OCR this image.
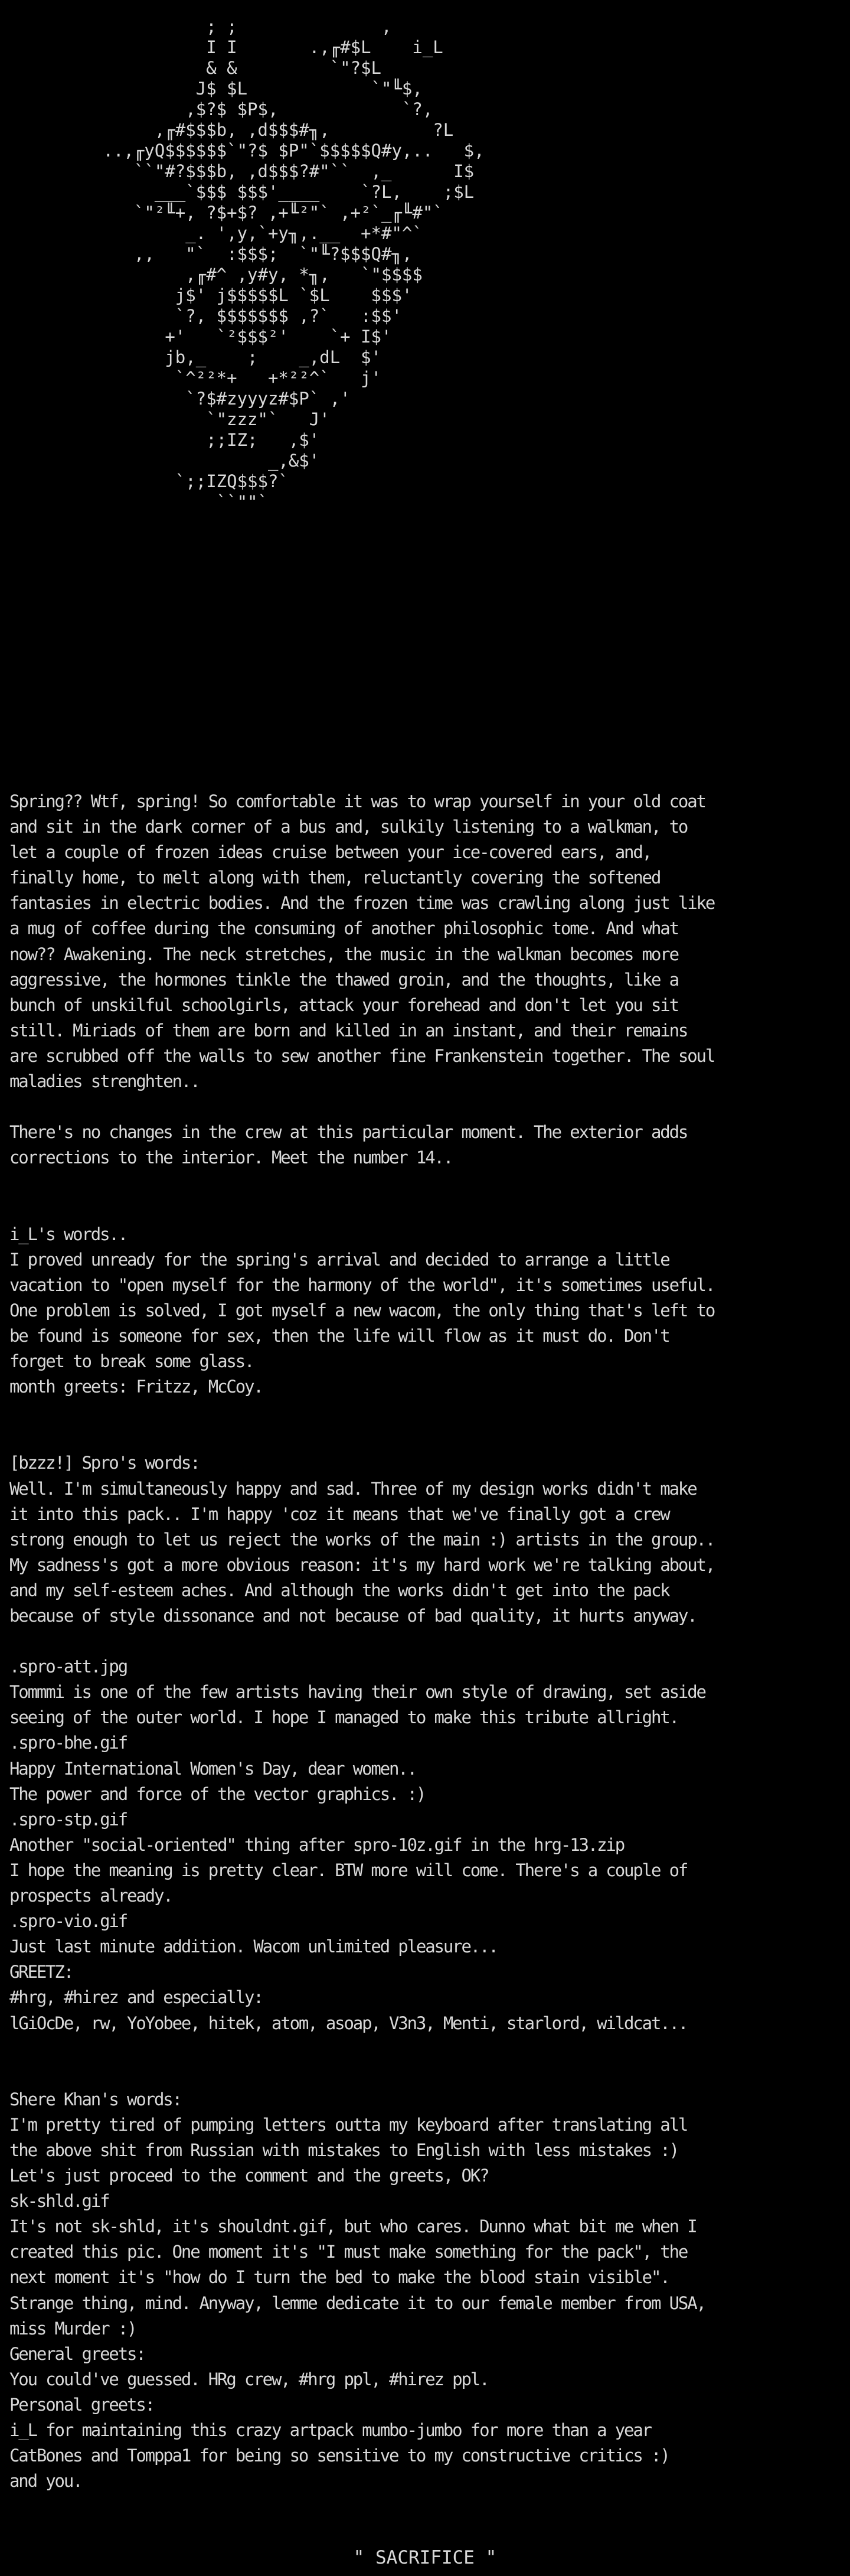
; ;              ,
I I       .,╓#$L    i_L
& &         `"?$L
J$ $L            `"╙$,
,$?$ $P$,            `?,
,╓#$$$b, ,d$$$#╖,          ?L
..,╓yQ$$$$$$`"?$ $P"`$$$$$Q#y,..   $,
``"#?$$$b, ,d$$$?#"``  ,_      I$
___`$$$ $$$'____    `?L,    ;$L
`"²╙+, ?$+$? ,+╙²"` ,+²`_╓╙#"`
_. ',y,`+y╖,.__  +*#"^`
,,   "`  :$$$;  `"╙?$$$Q#╖,
,╓#^ ,y#y, *╖,   `"$$$$
j$' j$$$$$L `$L    $$$'
`?, $$$$$$$ ,?`   :$$'
+'   `²$$$²'    `+ I$'
jb,_    ;    _,dL  $'
`^²²*+   +*²²^`   j'
`?$#zyyyz#$P` ,'
`"zzz"`   J'
;;IZ;   ,$'
_,&$'
`;;IZQ$$$?`
``""`
Spring?? Wtf, spring! So comfortable it was to wrap yourself in your old coat
and sit in the dark corner of a bus and, sulkily listening to a walkman, to
let a couple of frozen ideas cruise between your ice-covered ears, and,
finally home, to melt along with them, reluctantly covering the softened
fantasies in electric bodies. And the frozen time was crawling along just like
a mug of coffee during the consuming of another philosophic tome. And what
now?? Awakening. The neck stretches, the music in the walkman becomes more
aggressive, the hormones tinkle the thawed groin, and the thoughts, like a
bunch of unskilful schoolgirls, attack your forehead and don't let you sit
still. Miriads of them are born and killed in an instant, and their remains
are scrubbed off the walls to sew another fine Frankenstein together. The soul
maladies strenghten..

There's no changes in the crew at this particular moment. The exterior adds
corrections to the interior. Meet the number 14..

i_L's words..
I proved unready for the spring's arrival and decided to arrange a little
vacation to "open myself for the harmony of the world", it's sometimes useful.
One problem is solved, I got myself a new wacom, the only thing that's left to
be found is someone for sex, then the life will flow as it must do. Don't
forget to break some glass.
month greets: Fritzz, McCoy.

[bzzz!] Spro's words:
Well. I'm simultaneously happy and sad. Three of my design works didn't make
it into this pack.. I'm happy 'coz it means that we've finally got a crew
strong enough to let us reject the works of the main :) artists in the group..
My sadness's got a more obvious reason: it's my hard work we're talking about,
and my self-esteem aches. And although the works didn't get into the pack
because of style dissonance and not because of bad quality, it hurts anyway.

.spro-att.jpg
Tommmi is one of the few artists having their own style of drawing, set aside
seeing of the outer world. I hope I managed to make this tribute allright.
.spro-bhe.gif
Happy International Women's Day, dear women..
The power and force of the vector graphics. :)
.spro-stp.gif
Another "social-oriented" thing after spro-10z.gif in the hrg-13.zip
I hope the meaning is pretty clear. BTW more will come. There's a couple of
prospects already.
.spro-vio.gif
Just last minute addition. Wacom unlimited pleasure...
GREETZ:
#hrg, #hirez and especially:
lGiOcDe, rw, YoYobee, hitek, atom, asoap, V3n3, Menti, starlord, wildcat...

Shere Khan's words:
I'm pretty tired of pumping letters outta my keyboard after translating all
the above shit from Russian with mistakes to English with less mistakes :)
Let's just proceed to the comment and the greets, OK?
sk-shld.gif
It's not sk-shld, it's shouldnt.gif, but who cares. Dunno what bit me when I
created this pic. One moment it's "I must make something for the pack", the
next moment it's "how do I turn the bed to make the blood stain visible".
Strange thing, mind. Anyway, lemme dedicate it to our female member from USA,
miss Murder :)
General greets:
You could've guessed. HRg crew, #hrg ppl, #hirez ppl.
Personal greets:
i_L for maintaining this crazy artpack mumbo-jumbo for more than a year
CatBones and Tomppa1 for being so sensitive to my constructive critics :)
and you.
" SACRIFICE "
